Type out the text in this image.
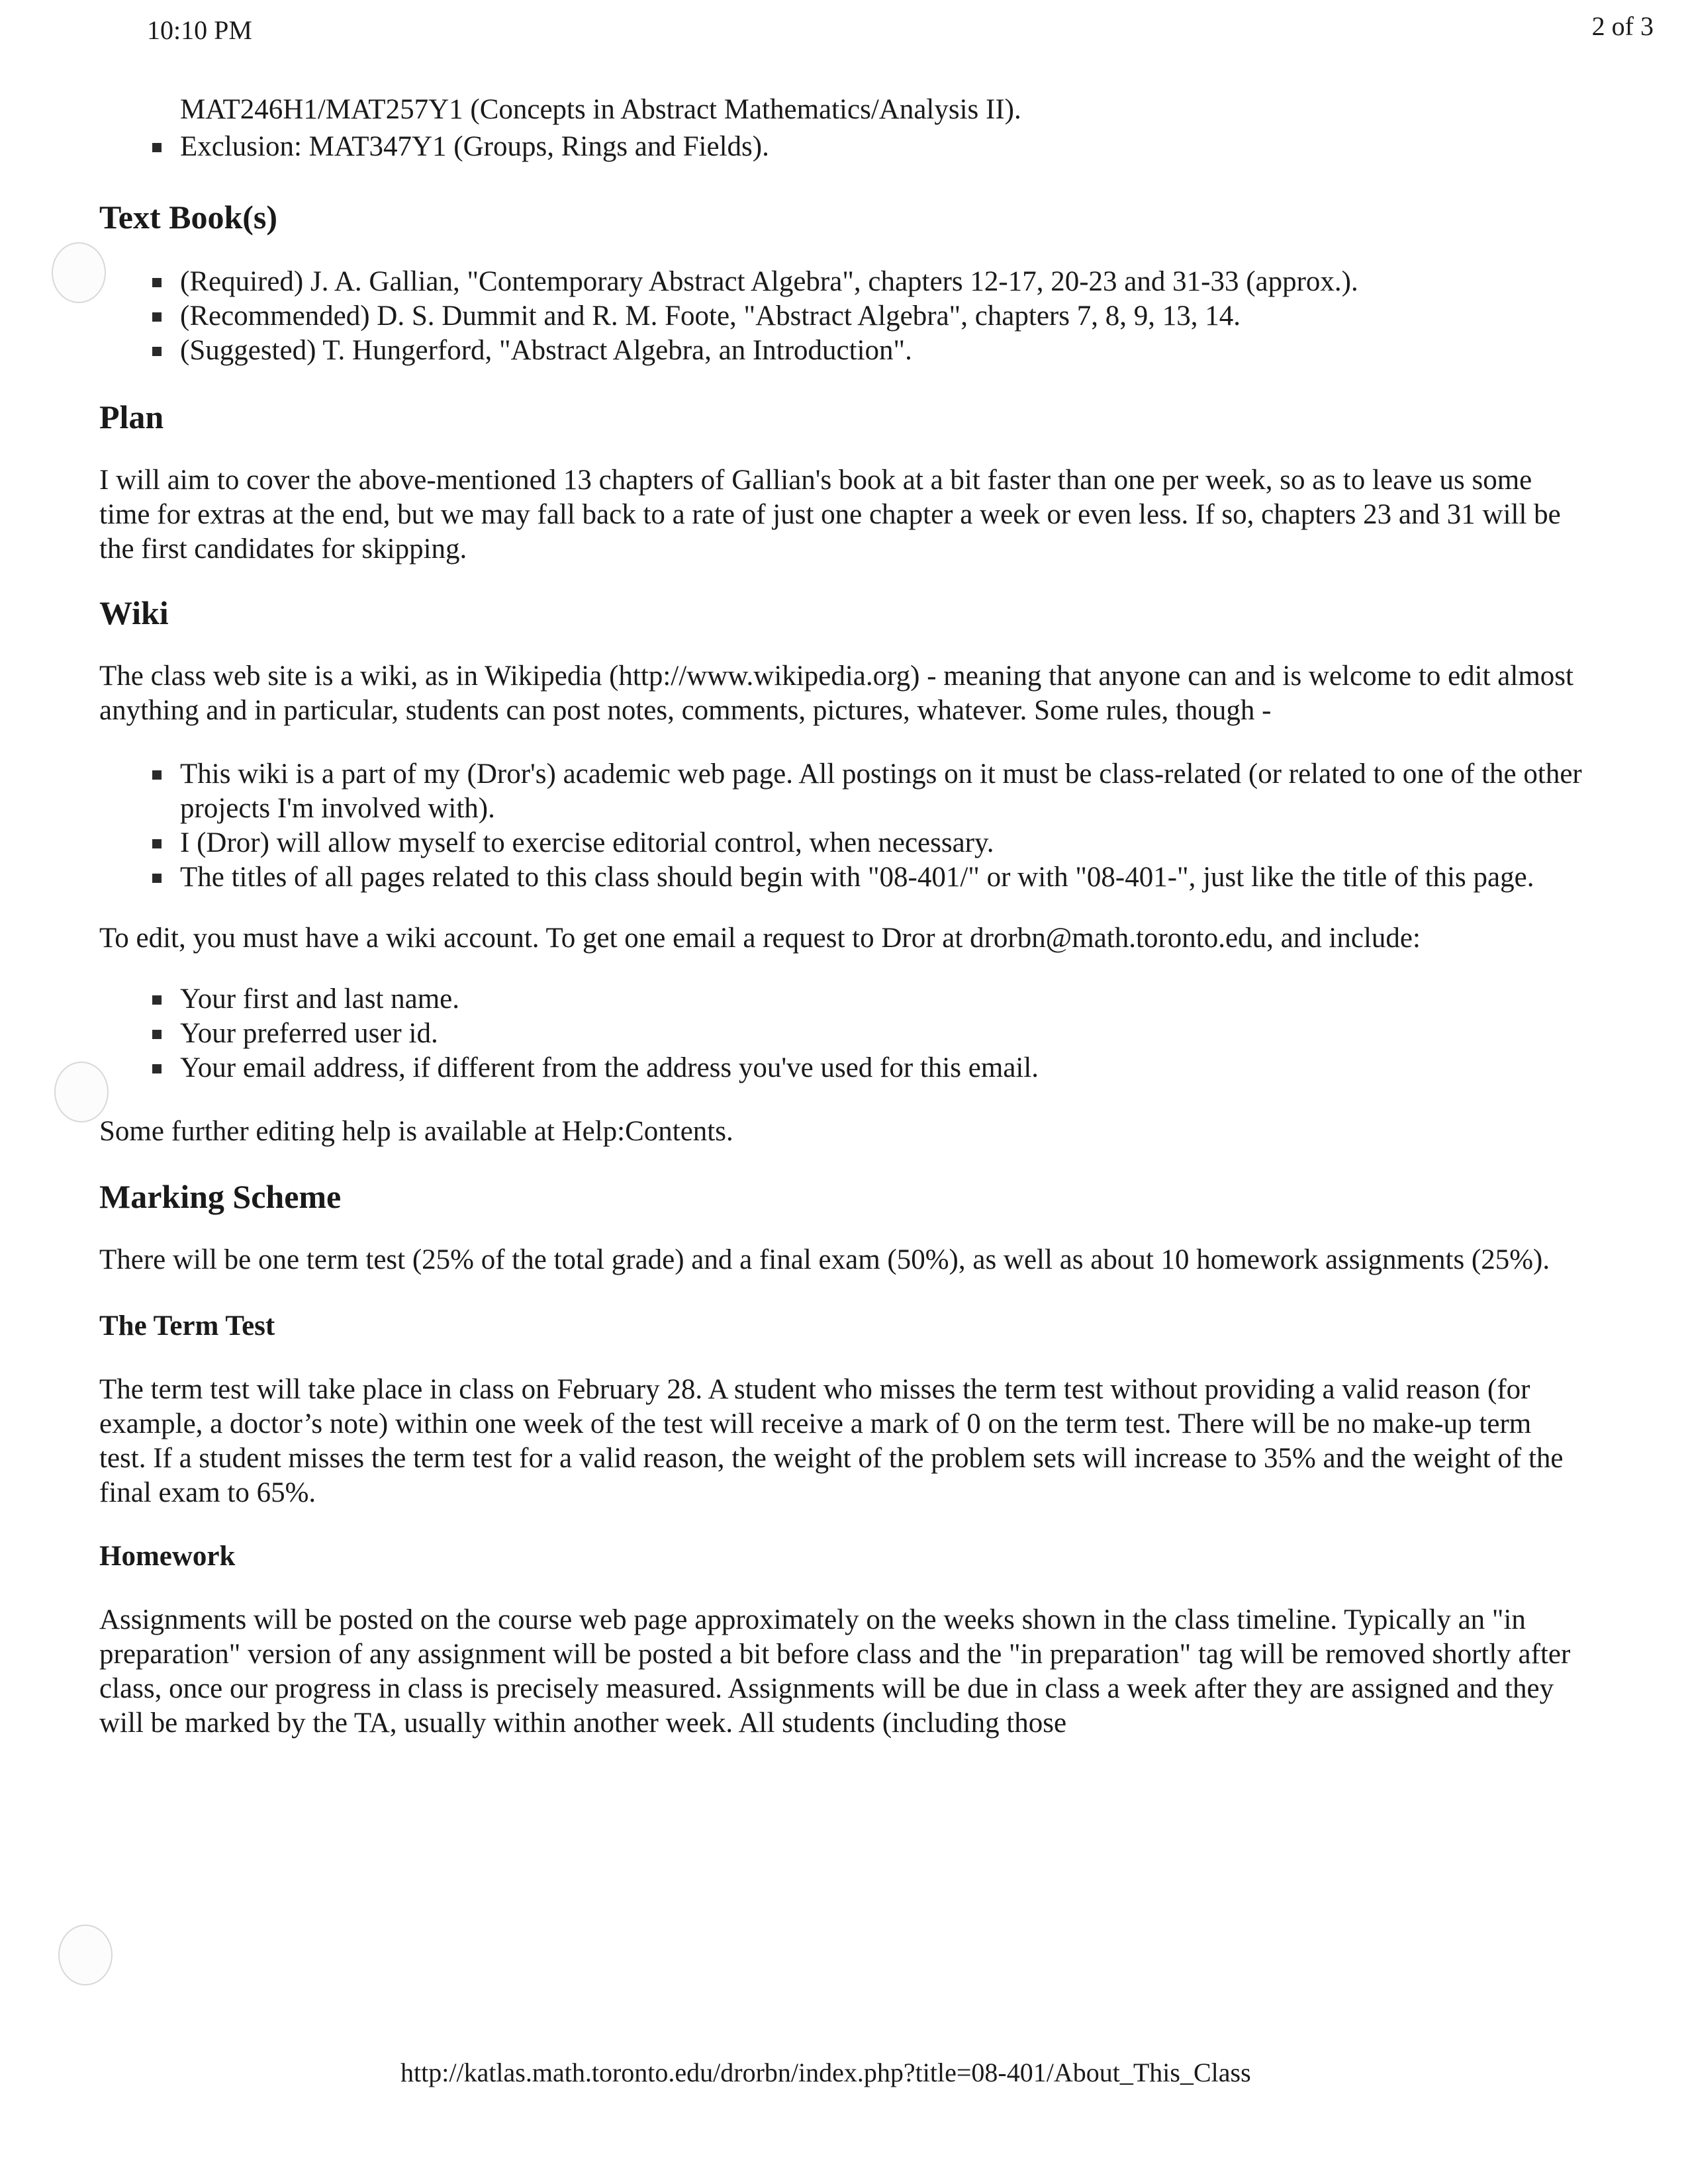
10:10 PM	2 of 3
MAT246H1/MAT257Y1 (Concepts in Abstract Mathematics/Analysis II).
Exclusion: MAT347Y1 (Groups, Rings and Fields).
Text Book(s)
(Required) J. A. Gallian, "Contemporary Abstract Algebra", chapters 12-17, 20-23 and 31-33 (approx.).
(Recommended) D. S. Dummit and R. M. Foote, "Abstract Algebra", chapters 7, 8, 9, 13, 14.
(Suggested) T. Hungerford, "Abstract Algebra, an Introduction".
Plan

I will aim to cover the above-mentioned 13 chapters of Gallian's book at a bit faster than one per week, so as to leave us some time for extras at the end, but we may fall back to a rate of just one chapter a week or even less. If so, chapters 23 and 31 will be the first candidates for skipping.

Wiki

The class web site is a wiki, as in Wikipedia (http://www.wikipedia.org) - meaning that anyone can and is welcome to edit almost anything and in particular, students can post notes, comments, pictures, whatever. Some rules, though -

This wiki is a part of my (Dror's) academic web page. All postings on it must be class-related (or related to one of the other projects I'm involved with).
I (Dror) will allow myself to exercise editorial control, when necessary.
The titles of all pages related to this class should begin with "08-401/" or with "08-401-", just like the title of this page.

To edit, you must have a wiki account. To get one email a request to Dror at drorbn@math.toronto.edu, and include:

Your first and last name.
Your preferred user id.
Your email address, if different from the address you've used for this email.

Some further editing help is available at Help:Contents.

Marking Scheme

There will be one term test (25% of the total grade) and a final exam (50%), as well as about 10 homework assignments (25%).

The Term Test

The term test will take place in class on February 28. A student who misses the term test without providing a valid reason (for example, a doctor’s note) within one week of the test will receive a mark of 0 on the term test. There will be no make-up term test. If a student misses the term test for a valid reason, the weight of the problem sets will increase to 35% and the weight of the final exam to 65%.

Homework

Assignments will be posted on the course web page approximately on the weeks shown in the class timeline. Typically an "in preparation" version of any assignment will be posted a bit before class and the "in preparation" tag will be removed shortly after class, once our progress in class is precisely measured. Assignments will be due in class a week after they are assigned and they will be marked by the TA, usually within another week. All students (including those

http://katlas.math.toronto.edu/drorbn/index.php?title=08-401/About_This_Class
